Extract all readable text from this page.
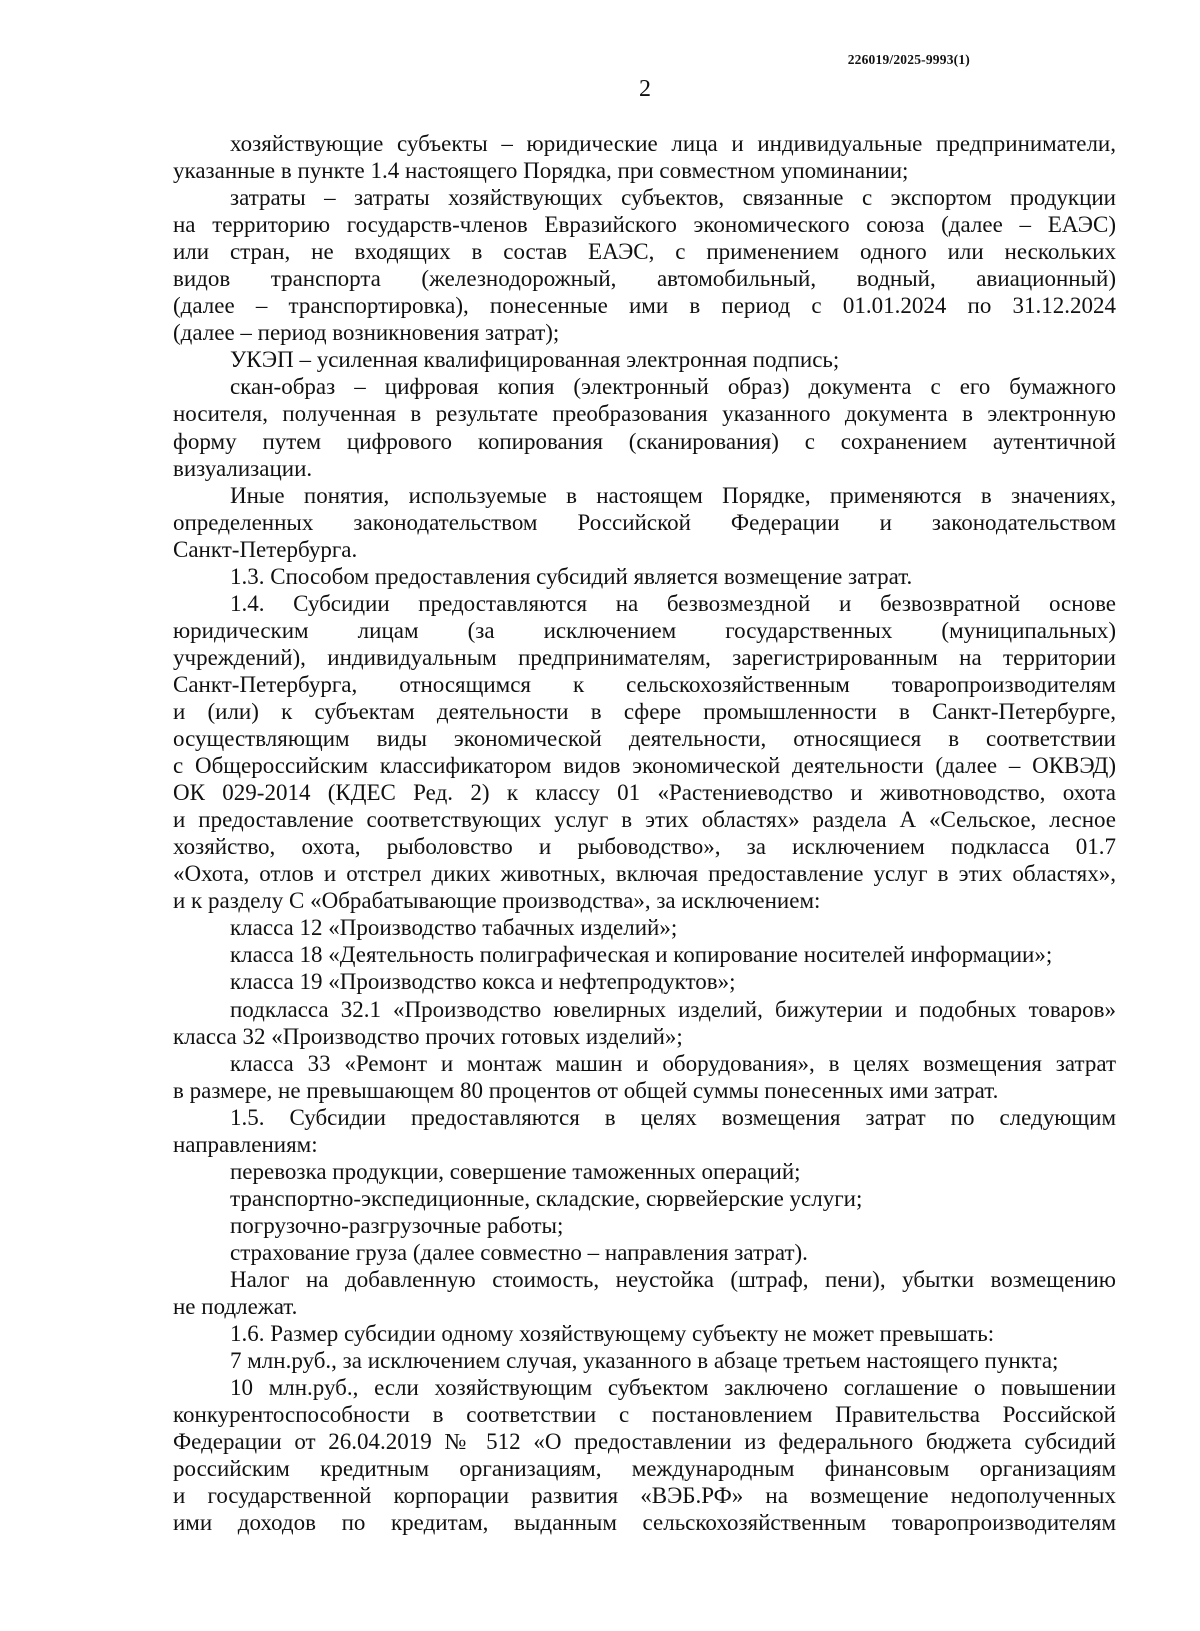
226019/2025-9993(1)
2
хозяйствующие субъекты – юридические лица и индивидуальные предприниматели,
указанные в пункте 1.4 настоящего Порядка, при совместном упоминании;
затраты – затраты хозяйствующих субъектов, связанные с экспортом продукции
на территорию государств-членов Евразийского экономического союза (далее – ЕАЭС)
или стран, не входящих в состав ЕАЭС, с применением одного или нескольких
видов транспорта (железнодорожный, автомобильный, водный, авиационный)
(далее – транспортировка), понесенные ими в период с 01.01.2024 по 31.12.2024
(далее – период возникновения затрат);
УКЭП – усиленная квалифицированная электронная подпись;
скан-образ – цифровая копия (электронный образ) документа с его бумажного
носителя, полученная в результате преобразования указанного документа в электронную
форму путем цифрового копирования (сканирования) с сохранением аутентичной
визуализации.
Иные понятия, используемые в настоящем Порядке, применяются в значениях,
определенных законодательством Российской Федерации и законодательством
Санкт-Петербурга.
1.3. Способом предоставления субсидий является возмещение затрат.
1.4. Субсидии предоставляются на безвозмездной и безвозвратной основе
юридическим лицам (за исключением государственных (муниципальных)
учреждений), индивидуальным предпринимателям, зарегистрированным на территории
Санкт-Петербурга, относящимся к сельскохозяйственным товаропроизводителям
и (или) к субъектам деятельности в сфере промышленности в Санкт-Петербурге,
осуществляющим виды экономической деятельности, относящиеся в соответствии
с Общероссийским классификатором видов экономической деятельности (далее – ОКВЭД)
ОК 029-2014 (КДЕС Ред. 2) к классу 01 «Растениеводство и животноводство, охота
и предоставление соответствующих услуг в этих областях» раздела А «Сельское, лесное
хозяйство, охота, рыболовство и рыбоводство», за исключением подкласса 01.7
«Охота, отлов и отстрел диких животных, включая предоставление услуг в этих областях»,
и к разделу С «Обрабатывающие производства», за исключением:
класса 12 «Производство табачных изделий»;
класса 18 «Деятельность полиграфическая и копирование носителей информации»;
класса 19 «Производство кокса и нефтепродуктов»;
подкласса 32.1 «Производство ювелирных изделий, бижутерии и подобных товаров»
класса 32 «Производство прочих готовых изделий»;
класса 33 «Ремонт и монтаж машин и оборудования», в целях возмещения затрат
в размере, не превышающем 80 процентов от общей суммы понесенных ими затрат.
1.5. Субсидии предоставляются в целях возмещения затрат по следующим
направлениям:
перевозка продукции, совершение таможенных операций;
транспортно-экспедиционные, складские, сюрвейерские услуги;
погрузочно-разгрузочные работы;
страхование груза (далее совместно – направления затрат).
Налог на добавленную стоимость, неустойка (штраф, пени), убытки возмещению
не подлежат.
1.6. Размер субсидии одному хозяйствующему субъекту не может превышать:
7 млн.руб., за исключением случая, указанного в абзаце третьем настоящего пункта;
10 млн.руб., если хозяйствующим субъектом заключено соглашение о повышении
конкурентоспособности в соответствии с постановлением Правительства Российской
Федерации от 26.04.2019 № 512 «О предоставлении из федерального бюджета субсидий
российским кредитным организациям, международным финансовым организациям
и государственной корпорации развития «ВЭБ.РФ» на возмещение недополученных
ими доходов по кредитам, выданным сельскохозяйственным товаропроизводителям
